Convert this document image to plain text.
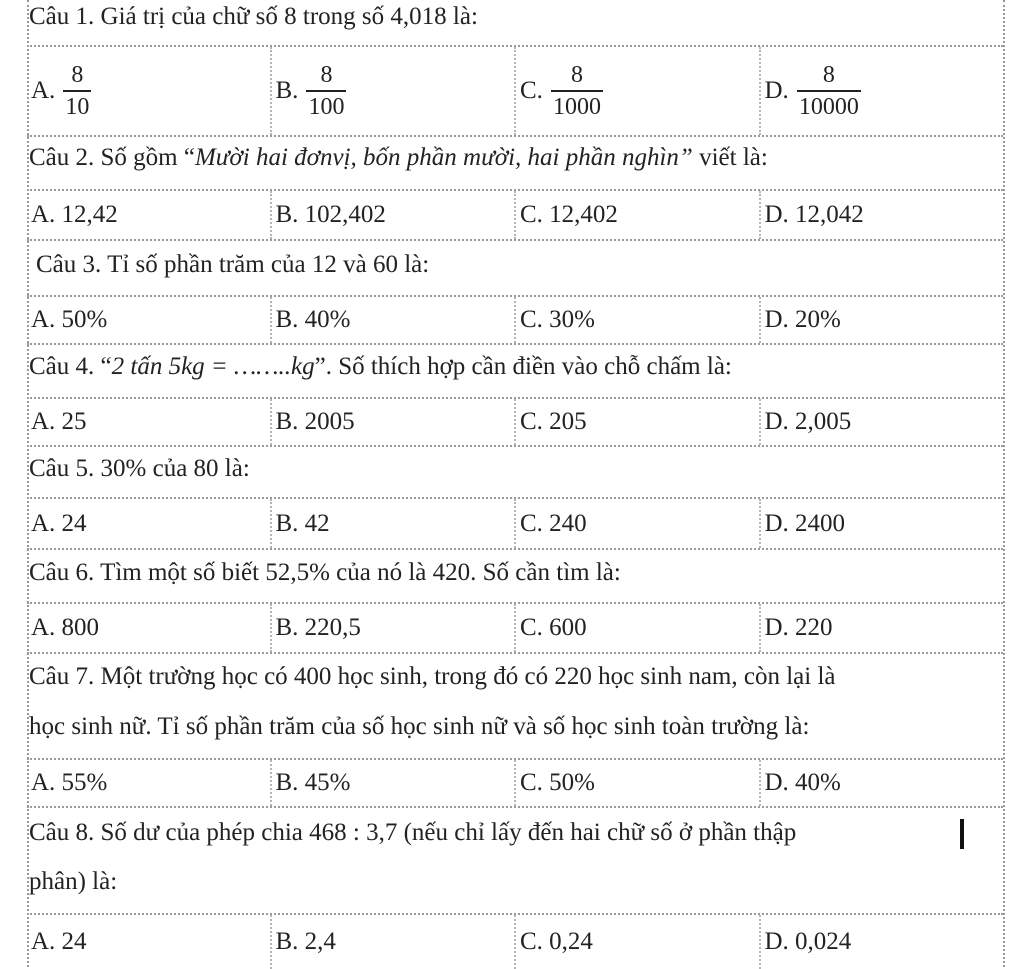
Câu 1. Giá trị của chữ số 8 trong số 4,018 là:
A. $\frac{8}{10}$	B. $\frac{8}{100}$	C. $\frac{8}{1000}$	D. $\frac{8}{10000}$
Câu 2. Số gồm “Mười hai đơnvị, bốn phần mười, hai phần nghìn” viết là:
A. 12,42	B. 102,402	C. 12,402	D. 12,042
Câu 3. Tỉ số phần trăm của 12 và 60 là:
A. 50%	B. 40%	C. 30%	D. 20%
Câu 4. “2 tấn 5kg = ……..kg”. Số thích hợp cần điền vào chỗ chấm là:
A. 25	B. 2005	C. 205	D. 2,005
Câu 5. 30% của 80 là:
A. 24	B. 42	C. 240	D. 2400
Câu 6. Tìm một số biết 52,5% của nó là 420. Số cần tìm là:
A. 800	B. 220,5	C. 600	D. 220
Câu 7. Một trường học có 400 học sinh, trong đó có 220 học sinh nam, còn lại là
học sinh nữ. Tỉ số phần trăm của số học sinh nữ và số học sinh toàn trường là:
A. 55%	B. 45%	C. 50%	D. 40%
Câu 8. Số dư của phép chia 468 : 3,7 (nếu chỉ lấy đến hai chữ số ở phần thập
phân) là:
A. 24	B. 2,4	C. 0,24	D. 0,024
